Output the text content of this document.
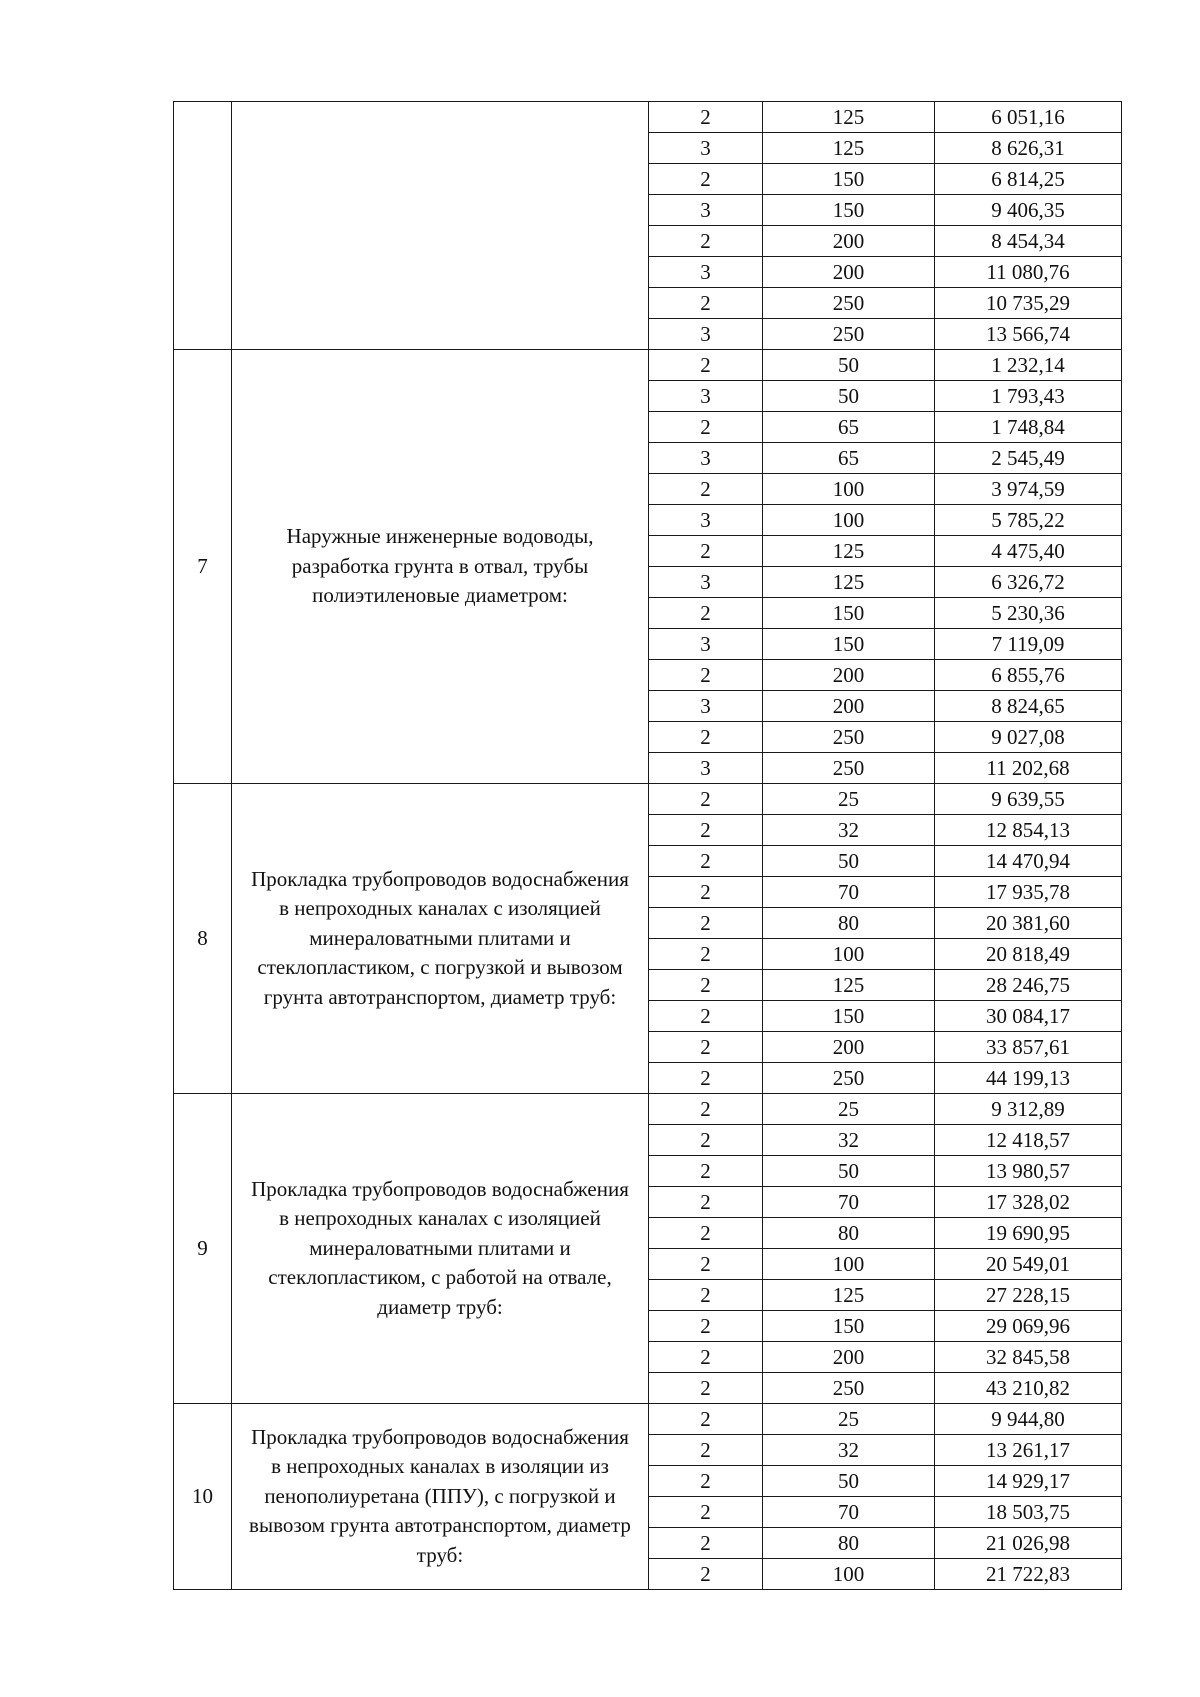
		2	125	6 051,16
		3	125	8 626,31
		2	150	6 814,25
		3	150	9 406,35
		2	200	8 454,34
		3	200	11 080,76
		2	250	10 735,29
		3	250	13 566,74
7	Наружные инженерные водоводы, разработка грунта в отвал, трубы полиэтиленовые диаметром:	2	50	1 232,14
		3	50	1 793,43
		2	65	1 748,84
		3	65	2 545,49
		2	100	3 974,59
		3	100	5 785,22
		2	125	4 475,40
		3	125	6 326,72
		2	150	5 230,36
		3	150	7 119,09
		2	200	6 855,76
		3	200	8 824,65
		2	250	9 027,08
		3	250	11 202,68
8	Прокладка трубопроводов водоснабжения в непроходных каналах с изоляцией минераловатными плитами и стеклопластиком, с погрузкой и вывозом грунта автотранспортом, диаметр труб:	2	25	9 639,55
		2	32	12 854,13
		2	50	14 470,94
		2	70	17 935,78
		2	80	20 381,60
		2	100	20 818,49
		2	125	28 246,75
		2	150	30 084,17
		2	200	33 857,61
		2	250	44 199,13
9	Прокладка трубопроводов водоснабжения в непроходных каналах с изоляцией минераловатными плитами и стеклопластиком, с работой на отвале, диаметр труб:	2	25	9 312,89
		2	32	12 418,57
		2	50	13 980,57
		2	70	17 328,02
		2	80	19 690,95
		2	100	20 549,01
		2	125	27 228,15
		2	150	29 069,96
		2	200	32 845,58
		2	250	43 210,82
10	Прокладка трубопроводов водоснабжения в непроходных каналах в изоляции из пенополиуретана (ППУ), с погрузкой и вывозом грунта автотранспортом, диаметр труб:	2	25	9 944,80
		2	32	13 261,17
		2	50	14 929,17
		2	70	18 503,75
		2	80	21 026,98
		2	100	21 722,83
